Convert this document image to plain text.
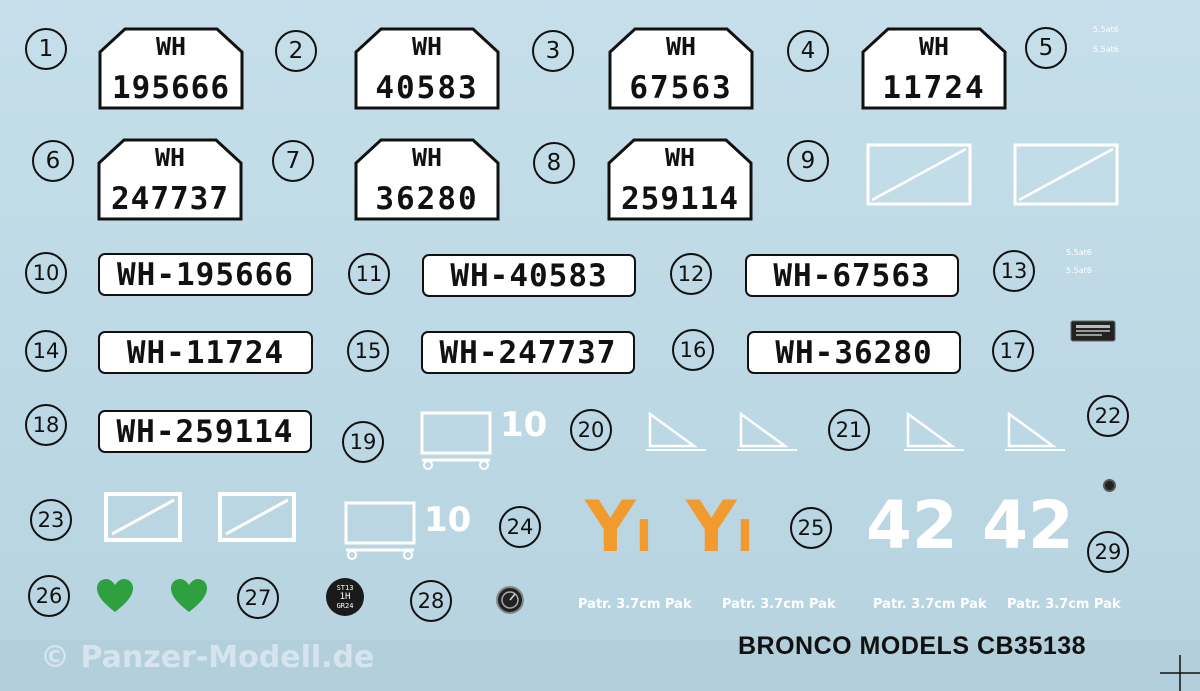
1	2	3	4	5
6	7	8	9
10	11	12	13
14	15	16	17
18
19	20	21
22
23	24	25
29
26	27	28
WH
195666
WH
40583
WH
67563
WH
11724
WH
247737
WH
36280
WH
259114
WH-195666	WH-40583	WH-67563
WH-11724	WH-247737	WH-36280
WH-259114
5.5at6
5.5at6
5.5at6
5.5at6
10
10 YI YI 42 42
ST13
1H
GR24	Patr. 3.7cm Pak Patr. 3.7cm Pak	Patr. 3.7cm Pak Patr. 3.7cm Pak
BRONCO MODELS CB35138
© Panzer-Modell.de
